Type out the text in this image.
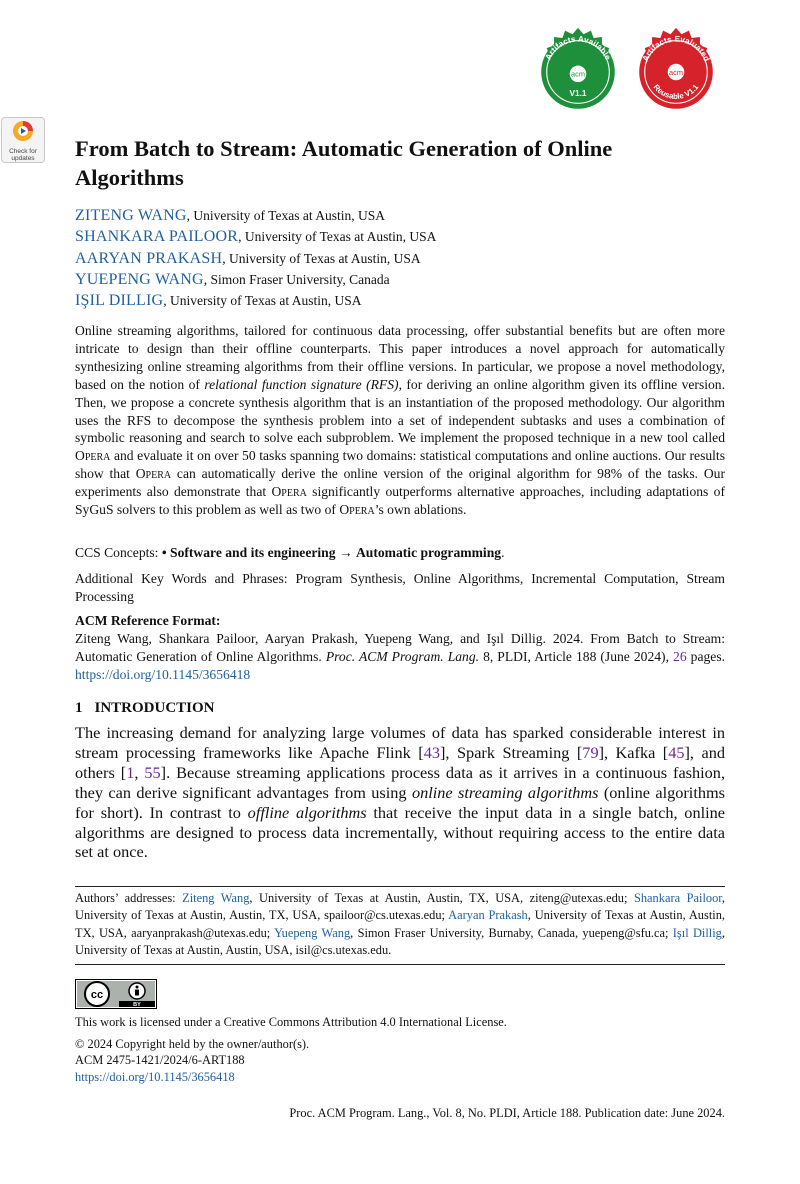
Artifacts Available
acm
V1.1
Artifacts Evaluated
acm
Reusable V1.1
Check for
updates	From Batch to Stream: Automatic Generation of Online Algorithms
ZITENG WANG, University of Texas at Austin, USA
SHANKARA PAILOOR, University of Texas at Austin, USA
AARYAN PRAKASH, University of Texas at Austin, USA
YUEPENG WANG, Simon Fraser University, Canada
IŞIL DILLIG, University of Texas at Austin, USA

Online streaming algorithms, tailored for continuous data processing, offer substantial benefits but are often more intricate to design than their offline counterparts. This paper introduces a novel approach for automatically synthesizing online streaming algorithms from their offline versions. In particular, we propose a novel methodology, based on the notion of relational function signature (RFS), for deriving an online algorithm given its offline version. Then, we propose a concrete synthesis algorithm that is an instantiation of the proposed methodology. Our algorithm uses the RFS to decompose the synthesis problem into a set of independent subtasks and uses a combination of symbolic reasoning and search to solve each subproblem. We implement the proposed technique in a new tool called Opera and evaluate it on over 50 tasks spanning two domains: statistical computations and online auctions. Our results show that Opera can automatically derive the online version of the original algorithm for 98% of the tasks. Our experiments also demonstrate that Opera significantly outperforms alternative approaches, including adaptations of SyGuS solvers to this problem as well as two of Opera’s own ablations.

CCS Concepts: • Software and its engineering → Automatic programming.

Additional Key Words and Phrases: Program Synthesis, Online Algorithms, Incremental Computation, Stream Processing

ACM Reference Format:

Ziteng Wang, Shankara Pailoor, Aaryan Prakash, Yuepeng Wang, and Işıl Dillig. 2024. From Batch to Stream: Automatic Generation of Online Algorithms. Proc. ACM Program. Lang. 8, PLDI, Article 188 (June 2024), 26 pages. https://doi.org/10.1145/3656418

1 INTRODUCTION

The increasing demand for analyzing large volumes of data has sparked considerable interest in stream processing frameworks like Apache Flink [43], Spark Streaming [79], Kafka [45], and others [1, 55]. Because streaming applications process data as it arrives in a continuous fashion, they can derive significant advantages from using online streaming algorithms (online algorithms for short). In contrast to offline algorithms that receive the input data in a single batch, online algorithms are designed to process data incrementally, without requiring access to the entire data set at once.

Authors’ addresses: Ziteng Wang, University of Texas at Austin, Austin, TX, USA, ziteng@utexas.edu; Shankara Pailoor, University of Texas at Austin, Austin, TX, USA, spailoor@cs.utexas.edu; Aaryan Prakash, University of Texas at Austin, Austin, TX, USA, aaryanprakash@utexas.edu; Yuepeng Wang, Simon Fraser University, Burnaby, Canada, yuepeng@sfu.ca; Işıl Dillig, University of Texas at Austin, Austin, USA, isil@cs.utexas.edu.

BY
cc

This work is licensed under a Creative Commons Attribution 4.0 International License.

© 2024 Copyright held by the owner/author(s).
ACM 2475-1421/2024/6-ART188
https://doi.org/10.1145/3656418

Proc. ACM Program. Lang., Vol. 8, No. PLDI, Article 188. Publication date: June 2024.
